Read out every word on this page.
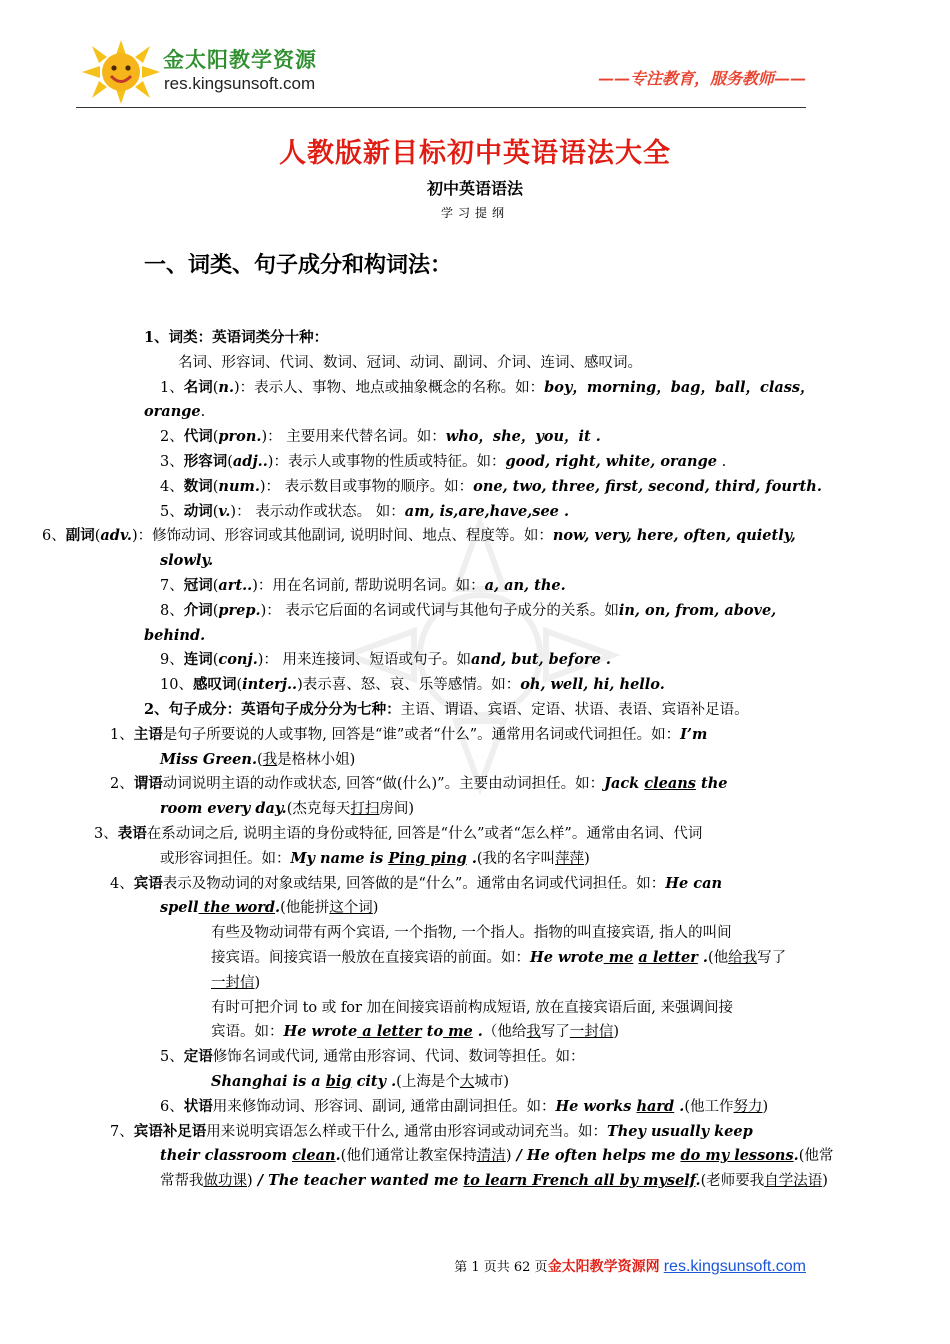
金太阳教学资源
res.kingsunsoft.com	——专注教育，服务教师——
人教版新目标初中英语语法大全
初中英语语法
学习提纲
一、词类、句子成分和构词法：
1、词类：英语词类分十种：
名词、形容词、代词、数词、冠词、动词、副词、介词、连词、感叹词。
1、名词(n.)：表示人、事物、地点或抽象概念的名称。如：boy，morning，bag，ball，class，
orange.
2、代词(pron.)： 主要用来代替名词。如：who，she，you，it .
3、形容词(adj..)：表示人或事物的性质或特征。如：good, right, white, orange .
4、数词(num.)： 表示数目或事物的顺序。如：one, two, three, first, second, third, fourth.
5、动词(v.)： 表示动作或状态。 如：am, is,are,have,see .
6、副词(adv.)：修饰动词、形容词或其他副词, 说明时间、地点、程度等。如：now, very, here, often, quietly,
slowly.
7、冠词(art..)：用在名词前, 帮助说明名词。如：a, an, the.
8、介词(prep.)： 表示它后面的名词或代词与其他句子成分的关系。如in, on, from, above,
behind.
9、连词(conj.)： 用来连接词、短语或句子。如and, but, before .
10、感叹词(interj..)表示喜、怒、哀、乐等感情。如：oh, well, hi, hello.
2、句子成分：英语句子成分分为七种：主语、谓语、宾语、定语、状语、表语、宾语补足语。
1、主语是句子所要说的人或事物, 回答是“谁”或者“什么”。通常用名词或代词担任。如：I’m
Miss Green.(我是格林小姐)
2、谓语动词说明主语的动作或状态, 回答“做(什么)”。主要由动词担任。如：Jack cleans the
room every day.(杰克每天打扫房间)
3、表语在系动词之后, 说明主语的身份或特征, 回答是“什么”或者“怎么样”。通常由名词、代词
或形容词担任。如：My name is Ping ping .(我的名字叫萍萍)
4、宾语表示及物动词的对象或结果, 回答做的是“什么”。通常由名词或代词担任。如：He can
spell the word.(他能拼这个词)
有些及物动词带有两个宾语, 一个指物, 一个指人。指物的叫直接宾语, 指人的叫间
接宾语。间接宾语一般放在直接宾语的前面。如：He wrote me a letter .(他给我写了
一封信)
有时可把介词 to 或 for 加在间接宾语前构成短语, 放在直接宾语后面, 来强调间接
宾语。如：He wrote a letter to me .（他给我写了一封信)
5、定语修饰名词或代词, 通常由形容词、代词、数词等担任。如：
Shanghai is a big city .(上海是个大城市)
6、状语用来修饰动词、形容词、副词, 通常由副词担任。如：He works hard .(他工作努力)
7、宾语补足语用来说明宾语怎么样或干什么, 通常由形容词或动词充当。如：They usually keep
their classroom clean.(他们通常让教室保持清洁) / He often helps me do my lessons.(他常
常帮我做功课) / The teacher wanted me to learn French all by myself.(老师要我自学法语)
第 1 页共 62 页金太阳教学资源网 res.kingsunsoft.com
